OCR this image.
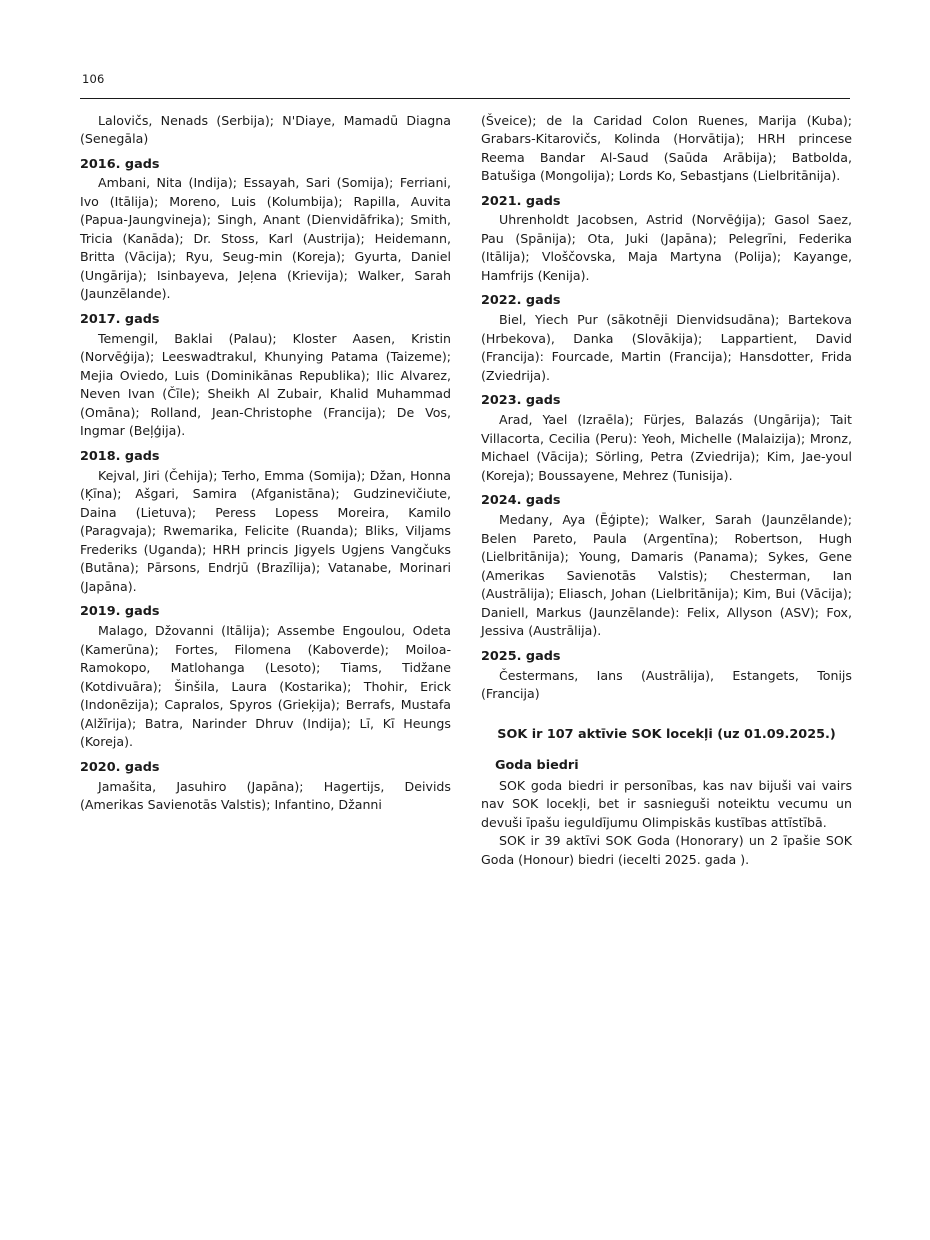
106

Lalovičs, Nenads (Serbija); N'Diaye, Mamadū Diagna (Senegāla)

2016. gads

Ambani, Nita (Indija); Essayah, Sari (Somija); Ferriani, Ivo (Itālija); Moreno, Luis (Kolumbija); Rapilla, Auvita (Papua-Jaungvineja); Singh, Anant (Dienvidāfrika); Smith, Tricia (Kanāda); Dr. Stoss, Karl (Austrija); Heidemann, Britta (Vācija); Ryu, Seug-min (Koreja); Gyurta, Daniel (Ungārija); Isinbayeva, Jeļena (Krievija); Walker, Sarah (Jaunzēlande).

2017. gads

Temengil, Baklai (Palau); Kloster Aasen, Kristin (Norvēģija); Leeswadtrakul, Khunying Patama (Taizeme); Mejia Oviedo, Luis (Dominikānas Republika); Ilic Alvarez, Neven Ivan (Čīle); Sheikh Al Zubair, Khalid Muhammad (Omāna); Rolland, Jean-Christophe (Francija); De Vos, Ingmar (Beļģija).

2018. gads

Kejval, Jiri (Čehija); Terho, Emma (Somija); Džan, Honna (Ķīna); Ašgari, Samira (Afganistāna); Gudzinevičiute, Daina (Lietuva); Peress Lopess Moreira, Kamilo (Paragvaja); Rwemarika, Felicite (Ruanda); Bliks, Viljams Frederiks (Uganda); HRH princis Jigyels Ugjens Vangčuks (Butāna); Pārsons, Endrjū (Brazīlija); Vatanabe, Morinari (Japāna).

2019. gads

Malago, Džovanni (Itālija); Assembe Engoulou, Odeta (Kamerūna); Fortes, Filomena (Kaboverde); Moiloa-Ramokopo, Matlohanga (Lesoto); Tiams, Tidžane (Kotdivuāra); Šinšila, Laura (Kostarika); Thohir, Erick (Indonēzija); Capralos, Spyros (Grieķija); Berrafs, Mustafa (Alžīrija); Batra, Narinder Dhruv (Indija); Lī, Kī Heungs (Koreja).

2020. gads

Jamašita, Jasuhiro (Japāna); Hagertijs, Deivids (Amerikas Savienotās Valstis); Infantino, Džanni

(Šveice); de la Caridad Colon Ruenes, Marija (Kuba); Grabars-Kitarovičs, Kolinda (Horvātija); HRH princese Reema Bandar Al-Saud (Saūda Arābija); Batbolda, Batušiga (Mongolija); Lords Ko, Sebastjans (Lielbritānija).

2021. gads

Uhrenholdt Jacobsen, Astrid (Norvēģija); Gasol Saez, Pau (Spānija); Ota, Juki (Japāna); Pelegrīni, Federika (Itālija); Vloščovska, Maja Martyna (Polija); Kayange, Hamfrijs (Kenija).

2022. gads

Biel, Yiech Pur (sākotnēji Dienvidsudāna); Bartekova (Hrbekova), Danka (Slovākija); Lappartient, David (Francija): Fourcade, Martin (Francija); Hansdotter, Frida (Zviedrija).

2023. gads

Arad, Yael (Izraēla); Fürjes, Balazás (Ungārija); Tait Villacorta, Cecilia (Peru): Yeoh, Michelle (Malaizija); Mronz, Michael (Vācija); Sörling, Petra (Zviedrija); Kim, Jae-youl (Koreja); Boussayene, Mehrez (Tunisija).

2024. gads

Medany, Aya (Ēģipte); Walker, Sarah (Jaunzēlande); Belen Pareto, Paula (Argentīna); Robertson, Hugh (Lielbritānija); Young, Damaris (Panama); Sykes, Gene (Amerikas Savienotās Valstis); Chesterman, Ian (Austrālija); Eliasch, Johan (Lielbritānija); Kim, Bui (Vācija); Daniell, Markus (Jaunzēlande): Felix, Allyson (ASV); Fox, Jessiva (Austrālija).

2025. gads

Čestermans, Ians (Austrālija), Estangets, Tonijs (Francija)

SOK ir 107 aktīvie SOK locekļi (uz 01.09.2025.)
Goda biedri

SOK goda biedri ir personības, kas nav bijuši vai vairs nav SOK locekļi, bet ir sasnieguši noteiktu vecumu un devuši īpašu ieguldījumu Olimpiskās kustības attīstībā.

SOK ir 39 aktīvi SOK Goda (Honorary) un 2 īpašie SOK Goda (Honour) biedri (iecelti 2025. gada ).
